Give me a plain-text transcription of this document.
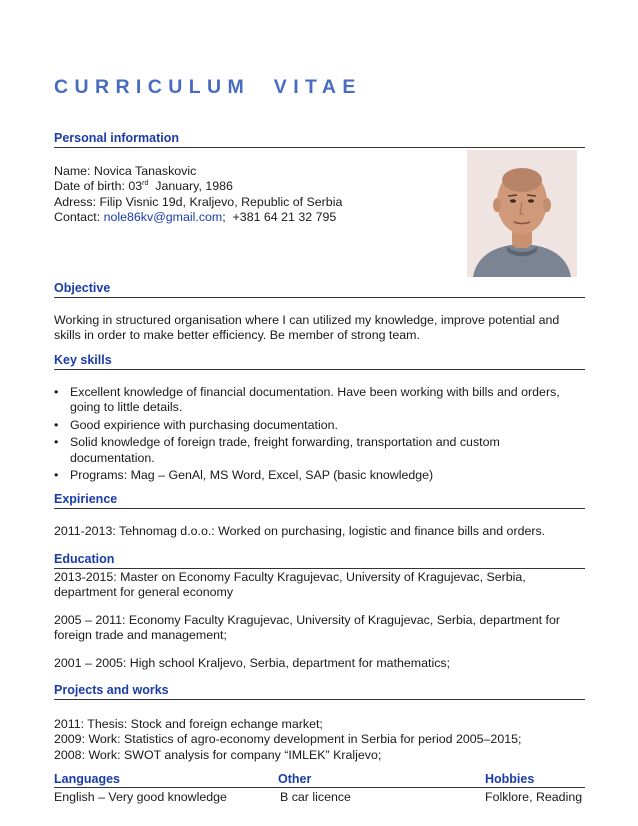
CURRICULUM  VITAE
Personal information

Name: Novica Tanaskovic

Date of birth: 03rd  January, 1986

Adress: Filip Visnic 19d, Kraljevo, Republic of Serbia

Contact: nole86kv@gmail.com;  +381 64 21 32 795

Objective
Working in structured organisation where I can utilized my knowledge, improve potential and skills in order to make better efficiency. Be member of strong team.
Key skills
• Excellent knowledge of financial documentation. Have been working with bills and orders, going to little details.
• Good expirience with purchasing documentation.
• Solid knowledge of foreign trade, freight forwarding, transportation and custom documentation.
• Programs: Mag – GenAl, MS Word, Excel, SAP (basic knowledge)
Expirience
2011-2013: Tehnomag d.o.o.: Worked on purchasing, logistic and finance bills and orders.
Education
2013-2015: Master on Economy Faculty Kragujevac, University of Kragujevac, Serbia, department for general economy
2005 – 2011: Economy Faculty Kragujevac, University of Kragujevac, Serbia, department for foreign trade and management;
2001 – 2005: High school Kraljevo, Serbia, department for mathematics;
Projects and works

2011: Thesis: Stock and foreign echange market;

2009: Work: Statistics of agro-economy development in Serbia for period 2005–2015;

2008: Work: SWOT analysis for company “IMLEK” Kraljevo;

Languages	Other	Hobbies
English – Very good knowledge	B car licence	Folklore, Reading
